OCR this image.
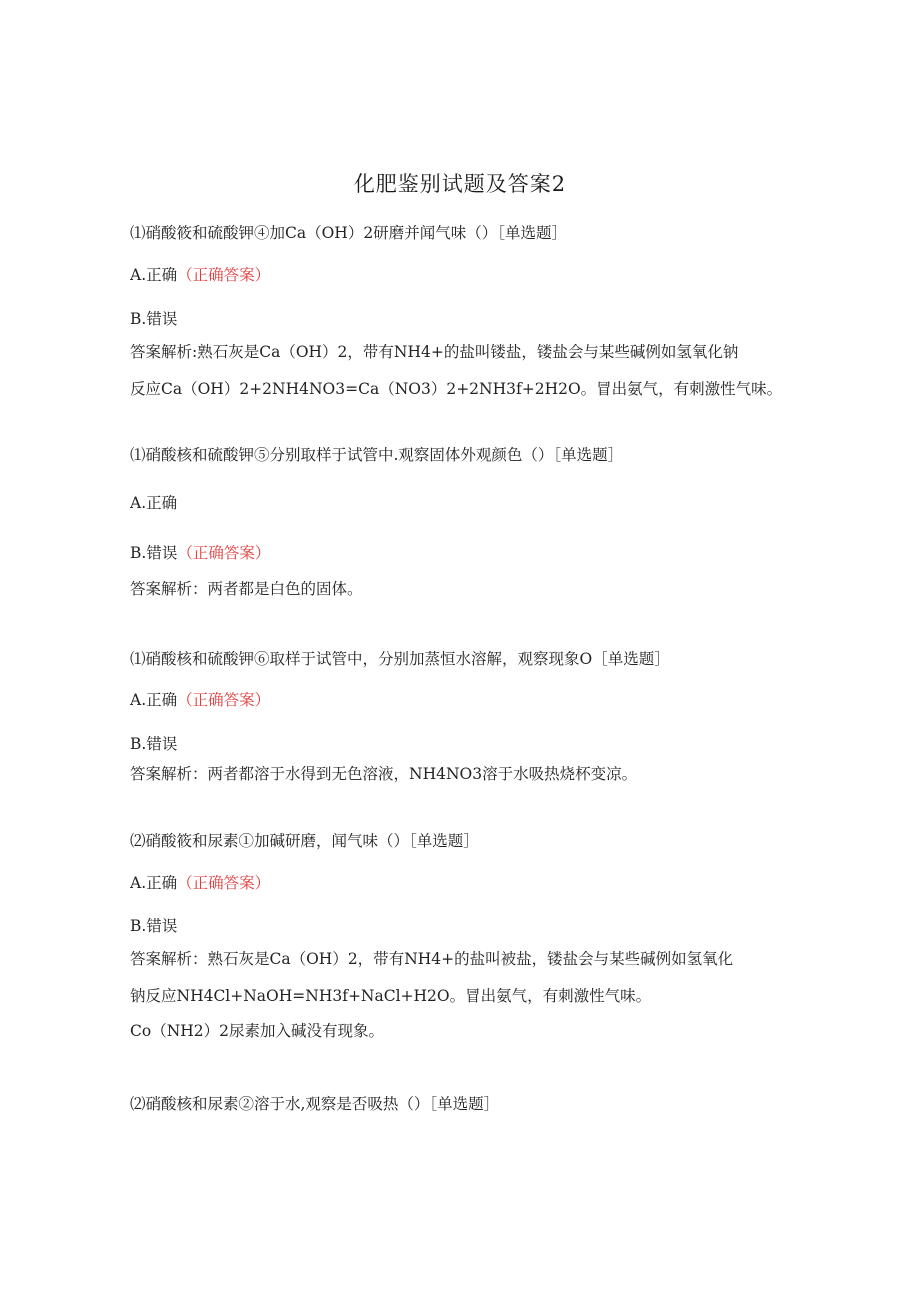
化肥鉴别试题及答案2
⑴硝酸筱和硫酸钾④加Ca（OH）2研磨并闻气味（）［单选题］
A.正确（正确答案）
B.错误
答案解析:熟石灰是Ca（OH）2，带有NH4+的盐叫镂盐，镂盐会与某些碱例如氢氧化钠
反应Ca（OH）2+2NH4NO3=Ca（NO3）2+2NH3f+2H2O。冒出氨气，有刺激性气味。
⑴硝酸核和硫酸钾⑤分别取样于试管中.观察固体外观颜色（）［单选题］
A.正确
B.错误（正确答案）
答案解析：两者都是白色的固体。
⑴硝酸核和硫酸钾⑥取样于试管中，分别加蒸恒水溶解，观察现象O［单选题］
A.正确（正确答案）
B.错误
答案解析：两者都溶于水得到无色溶液，NH4NO3溶于水吸热烧杯变凉。
⑵硝酸筱和尿素①加碱研磨，闻气味（）［单选题］
A.正确（正确答案）
B.错误
答案解析：熟石灰是Ca（OH）2，带有NH4+的盐叫被盐，镂盐会与某些碱例如氢氧化
钠反应NH4Cl+NaOH=NH3f+NaCl+H2O。冒出氨气，有刺激性气味。
Co（NH2）2尿素加入碱没有现象。
⑵硝酸核和尿素②溶于水,观察是否吸热（）［单选题］
